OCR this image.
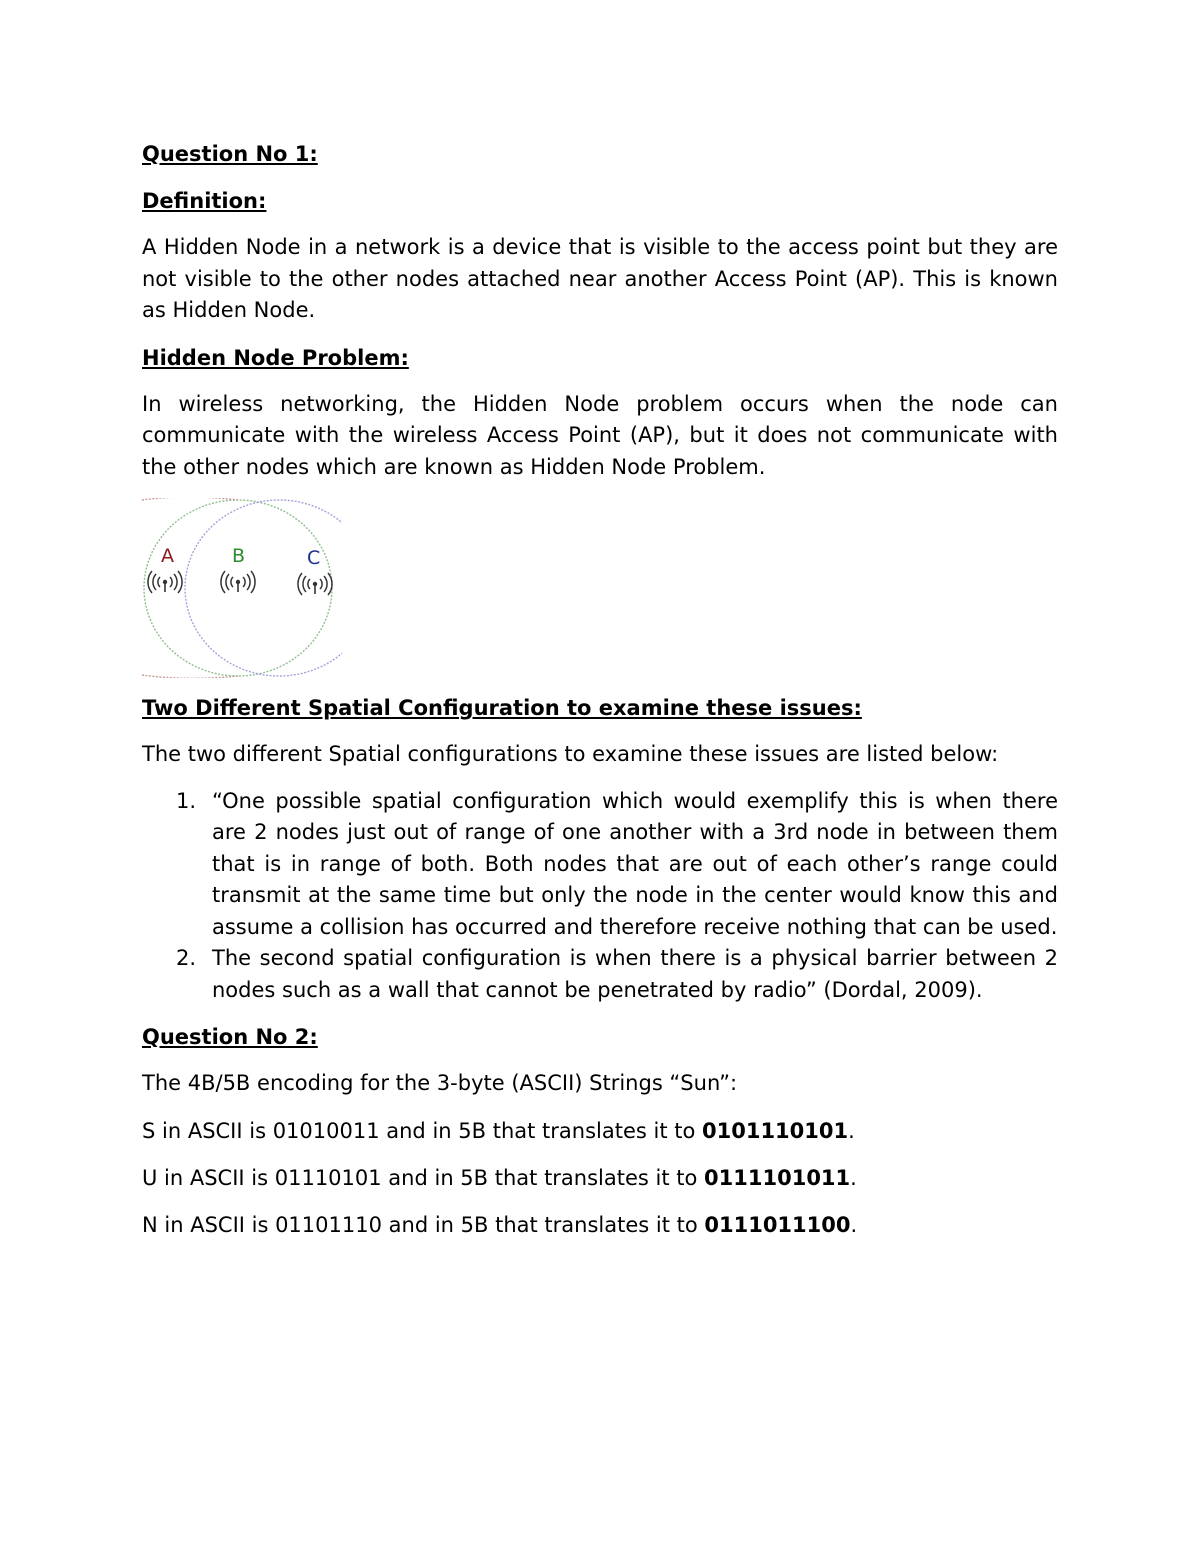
Question No 1:
Definition:

A Hidden Node in a network is a device that is visible to the access point but they are not visible to the other nodes attached near another Access Point (AP). This is known as Hidden Node.

Hidden Node Problem:

In wireless networking, the Hidden Node problem occurs when the node can communicate with the wireless Access Point (AP), but it does not communicate with the other nodes which are known as Hidden Node Problem.

A	B	C
Two Different Spatial Configuration to examine these issues:

The two different Spatial configurations to examine these issues are listed below:

1. “One possible spatial configuration which would exemplify this is when there are 2 nodes just out of range of one another with a 3rd node in between them that is in range of both. Both nodes that are out of each other’s range could transmit at the same time but only the node in the center would know this and assume a collision has occurred and therefore receive nothing that can be used.
2. The second spatial configuration is when there is a physical barrier between 2 nodes such as a wall that cannot be penetrated by radio” (Dordal, 2009).
Question No 2:

The 4B/5B encoding for the 3-byte (ASCII) Strings “Sun”:

S in ASCII is 01010011 and in 5B that translates it to 0101110101.
U in ASCII is 01110101 and in 5B that translates it to 0111101011.
N in ASCII is 01101110 and in 5B that translates it to 0111011100.
